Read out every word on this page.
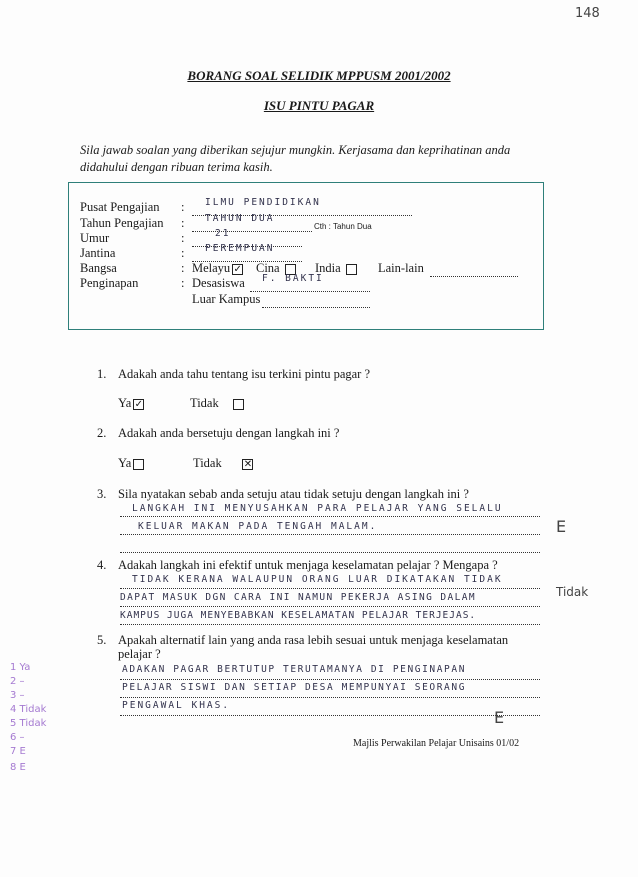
148
BORANG SOAL SELIDIK MPPUSM 2001/2002
ISU PINTU PAGAR
Sila jawab soalan yang diberikan sejujur mungkin. Kerjasama dan keprihatinan anda didahului dengan ribuan terima kasih.
Pusat Pengajian : ILMU PENDIDIKAN
Tahun Pengajian : TAHUN DUA
Cth : Tahun Dua
Umur	:	21
Jantina	: PEREMPUAN
Bangsa	: Melayu ✓ Cina	India	Lain-lain
Penginapan	: Desasiswa F. BAKTI
Luar Kampus
1. Adakah anda tahu tentang isu terkini pintu pagar ?
Ya ✓	Tidak
2. Adakah anda bersetuju dengan langkah ini ?
Ya	Tidak ✕
3. Sila nyatakan sebab anda setuju atau tidak setuju dengan langkah ini ?
LANGKAH INI MENYUSAHKAN PARA PELAJAR YANG SELALU
KELUAR MAKAN PADA TENGAH MALAM.	E
4. Adakah langkah ini efektif untuk menjaga keselamatan pelajar ? Mengapa ?
TIDAK KERANA WALAUPUN ORANG LUAR DIKATAKAN TIDAK
DAPAT MASUK DGN CARA INI NAMUN PEKERJA ASING DALAM
KAMPUS JUGA MENYEBABKAN KESELAMATAN PELAJAR TERJEJAS.
Tidak
5. Apakah alternatif lain yang anda rasa lebih sesuai untuk menjaga keselamatan
pelajar ?
ADAKAN PAGAR BERTUTUP TERUTAMANYA DI PENGINAPAN
PELAJAR SISWI DAN SETIAP DESA MEMPUNYAI SEORANG
PENGAWAL KHAS.
E
1 Ya
2 –
3 –
4 Tidak
5 Tidak
6 –
7 E
8 E
Majlis Perwakilan Pelajar Unisains 01/02
